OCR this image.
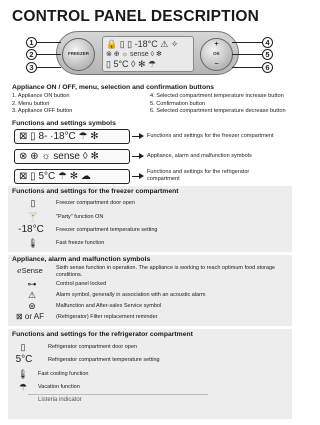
CONTROL PANEL DESCRIPTION
FREEZER
🔒 ▯ ▯ -18°C ⚠ ✧
⊗ ⊕ ☼ sense ◊ ✻
▯ 5°C ◊ ✻ ☂
+
OK
−
1
2
3
4
5
6
Appliance ON / OFF, menu, selection and confirmation buttons
1. Appliance ON button
2. Menu button
3. Appliance OFF button
4. Selected compartment temperature increase button
5. Confirmation button
6. Selected compartment temperature decrease button
Functions and settings symbols
⊠ ▯ 8- ·18°C ☂ ✻
⊗ ⊕ ☼ sense ◊ ✻
⊠ ▯ 5°C ☂ ✻ ☁
Functions and settings for the freezer compartment
Appliance, alarm and malfunction symbols
Functions and settings for the refrigerator
compartment
Functions and settings for the freezer compartment
▯	Freezer compartment door open
🍸	"Party" function ON
-18°C	Freezer compartment temperature setting
🌡	Fast freeze function
Appliance, alarm and malfunction symbols
ℯSense	Sixth sense function in operation. The appliance is working to reach optimum food storage conditions.
⊶	Control panel locked
⚠	Alarm symbol, generally in association with an acoustic alarm
⊛	Malfunction and After-sales Service symbol
⊠ or AF	(Refrigerator) Filter replacement reminder
Functions and settings for the refrigerator compartment
▯	Refrigerator compartment door open
5°C	Refrigerator compartment temperature setting
🌡 Fast cooling function
☂	Vacation function
Listeria indicator
